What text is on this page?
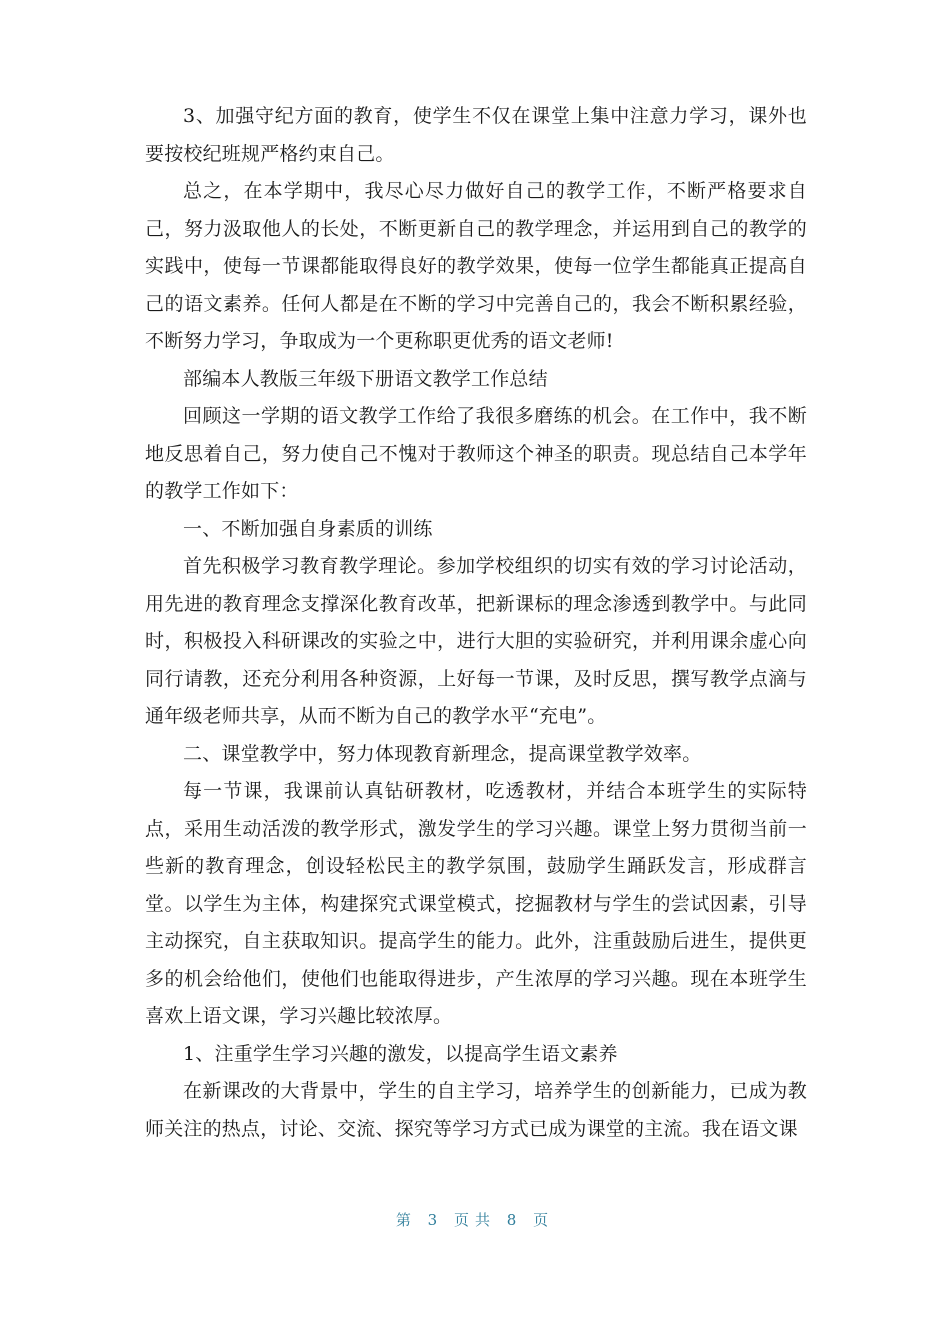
3、加强守纪方面的教育，使学生不仅在课堂上集中注意力学习，课外也要按校纪班规严格约束自己。

总之，在本学期中，我尽心尽力做好自己的教学工作，不断严格要求自己，努力汲取他人的长处，不断更新自己的教学理念，并运用到自己的教学的实践中，使每一节课都能取得良好的教学效果，使每一位学生都能真正提高自己的语文素养。任何人都是在不断的学习中完善自己的，我会不断积累经验，不断努力学习，争取成为一个更称职更优秀的语文老师!

部编本人教版三年级下册语文教学工作总结

回顾这一学期的语文教学工作给了我很多磨练的机会。在工作中，我不断地反思着自己，努力使自己不愧对于教师这个神圣的职责。现总结自己本学年的教学工作如下：

一、不断加强自身素质的训练

首先积极学习教育教学理论。参加学校组织的切实有效的学习讨论活动，用先进的教育理念支撑深化教育改革，把新课标的理念渗透到教学中。与此同时，积极投入科研课改的实验之中，进行大胆的实验研究，并利用课余虚心向同行请教，还充分利用各种资源，上好每一节课，及时反思，撰写教学点滴与通年级老师共享，从而不断为自己的教学水平“充电”。

二、课堂教学中，努力体现教育新理念，提高课堂教学效率。

每一节课，我课前认真钻研教材，吃透教材，并结合本班学生的实际特点，采用生动活泼的教学形式，激发学生的学习兴趣。课堂上努力贯彻当前一些新的教育理念，创设轻松民主的教学氛围，鼓励学生踊跃发言，形成群言堂。以学生为主体，构建探究式课堂模式，挖掘教材与学生的尝试因素，引导主动探究，自主获取知识。提高学生的能力。此外，注重鼓励后进生，提供更多的机会给他们，使他们也能取得进步，产生浓厚的学习兴趣。现在本班学生喜欢上语文课，学习兴趣比较浓厚。

1、注重学生学习兴趣的激发，以提高学生语文素养

在新课改的大背景中，学生的自主学习，培养学生的创新能力，已成为教师关注的热点，讨论、交流、探究等学习方式已成为课堂的主流。我在语文课

第 3 页共 8 页
